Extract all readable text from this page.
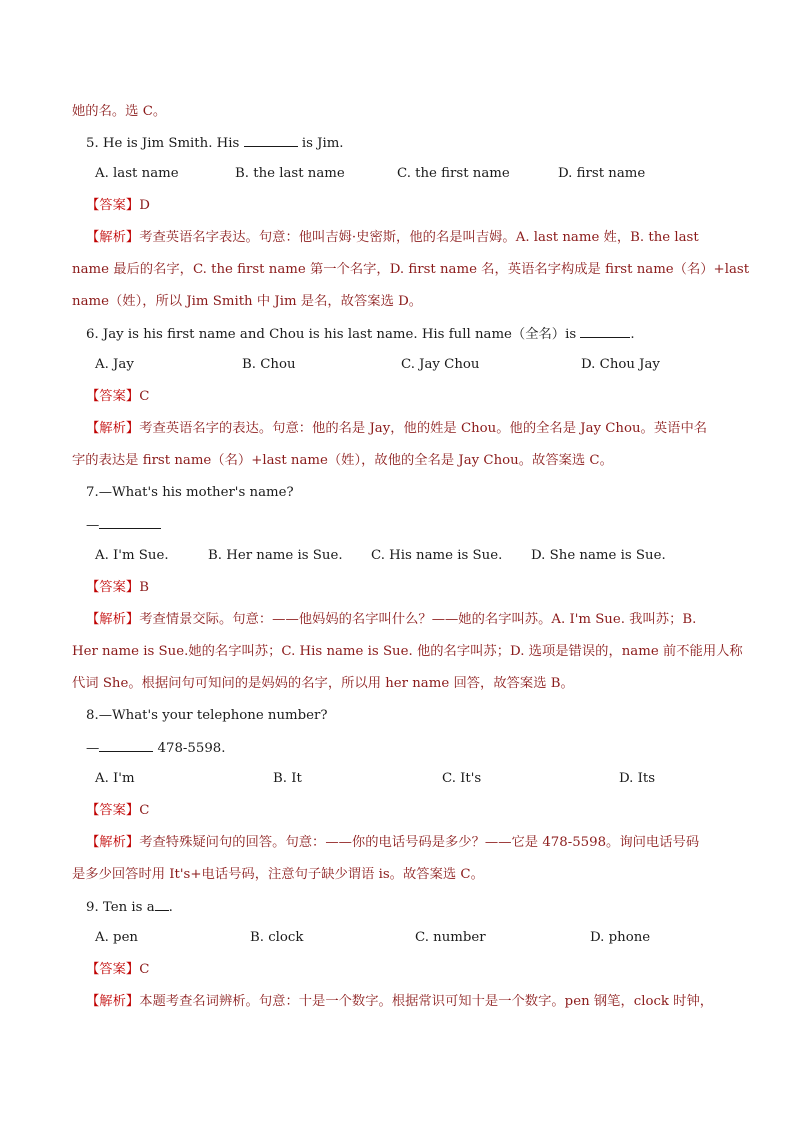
她的名。选 C。
5. He is Jim Smith. His	is Jim.
A. last name	B. the last name	C. the first name	D. first name
【答案】D
【解析】考查英语名字表达。句意：他叫吉姆·史密斯，他的名是叫吉姆。A. last name 姓，B. the last
name 最后的名字，C. the first name 第一个名字，D. first name 名，英语名字构成是 first name（名）+last
name（姓），所以 Jim Smith 中 Jim 是名，故答案选 D。
6. Jay is his first name and Chou is his last name. His full name（全名）is	.
A. Jay	B. Chou	C. Jay Chou	D. Chou Jay
【答案】C
【解析】考查英语名字的表达。句意：他的名是 Jay，他的姓是 Chou。他的全名是 Jay Chou。英语中名
字的表达是 first name（名）+last name（姓），故他的全名是 Jay Chou。故答案选 C。
7.—What's his mother's name?
—
A. I'm Sue.	B. Her name is Sue. C. His name is Sue. D. She name is Sue.
【答案】B
【解析】考查情景交际。句意：——他妈妈的名字叫什么？——她的名字叫苏。A. I'm Sue. 我叫苏；B.
Her name is Sue.她的名字叫苏；C. His name is Sue. 他的名字叫苏；D. 选项是错误的，name 前不能用人称
代词 She。根据问句可知问的是妈妈的名字，所以用 her name 回答，故答案选 B。
8.—What's your telephone number?
—	478-5598.
A. I'm	B. It	C. It's	D. Its
【答案】C
【解析】考查特殊疑问句的回答。句意：——你的电话号码是多少？——它是 478-5598。询问电话号码
是多少回答时用 It's+电话号码，注意句子缺少谓语 is。故答案选 C。
9. Ten is a .
A. pen	B. clock	C. number	D. phone
【答案】C
【解析】本题考查名词辨析。句意：十是一个数字。根据常识可知十是一个数字。pen 钢笔，clock 时钟，
